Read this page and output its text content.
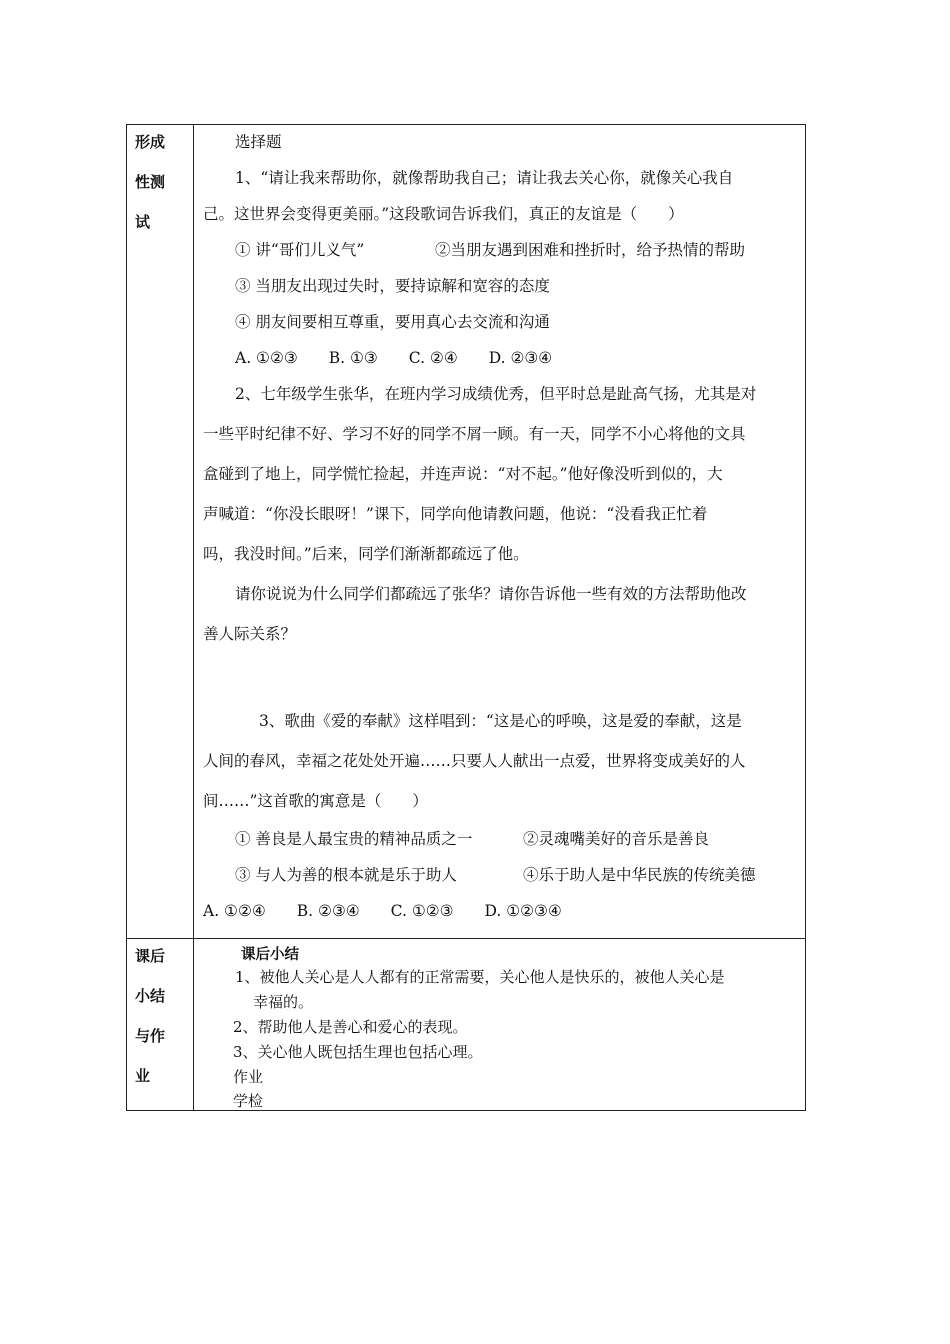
形成
性测
试
选择题
1、“请让我来帮助你，就像帮助我自己；请让我去关心你，就像关心我自
己。这世界会变得更美丽。”这段歌词告诉我们，真正的友谊是（　　）
① 讲“哥们儿义气”	②当朋友遇到困难和挫折时，给予热情的帮助
③ 当朋友出现过失时，要持谅解和宽容的态度
④ 朋友间要相互尊重，要用真心去交流和沟通
A. ①②③　　B. ①③　　C. ②④　　D. ②③④
2、七年级学生张华，在班内学习成绩优秀，但平时总是趾高气扬，尤其是对
一些平时纪律不好、学习不好的同学不屑一顾。有一天，同学不小心将他的文具
盒碰到了地上，同学慌忙捡起，并连声说：“对不起。”他好像没听到似的，大
声喊道：“你没长眼呀！”课下，同学向他请教问题，他说：“没看我正忙着
吗，我没时间。”后来，同学们渐渐都疏远了他。
请你说说为什么同学们都疏远了张华？请你告诉他一些有效的方法帮助他改
善人际关系？
3、歌曲《爱的奉献》这样唱到：“这是心的呼唤，这是爱的奉献，这是
人间的春风，幸福之花处处开遍……只要人人献出一点爱，世界将变成美好的人
间……”这首歌的寓意是（　　）
① 善良是人最宝贵的精神品质之一	②灵魂嘴美好的音乐是善良
③ 与人为善的根本就是乐于助人	④乐于助人是中华民族的传统美德
A. ①②④　　B. ②③④　　C. ①②③　　D. ①②③④
课后
小结
与作
业
课后小结
1、被他人关心是人人都有的正常需要，关心他人是快乐的，被他人关心是
幸福的。
2、帮助他人是善心和爱心的表现。
3、关心他人既包括生理也包括心理。
作业
学检
